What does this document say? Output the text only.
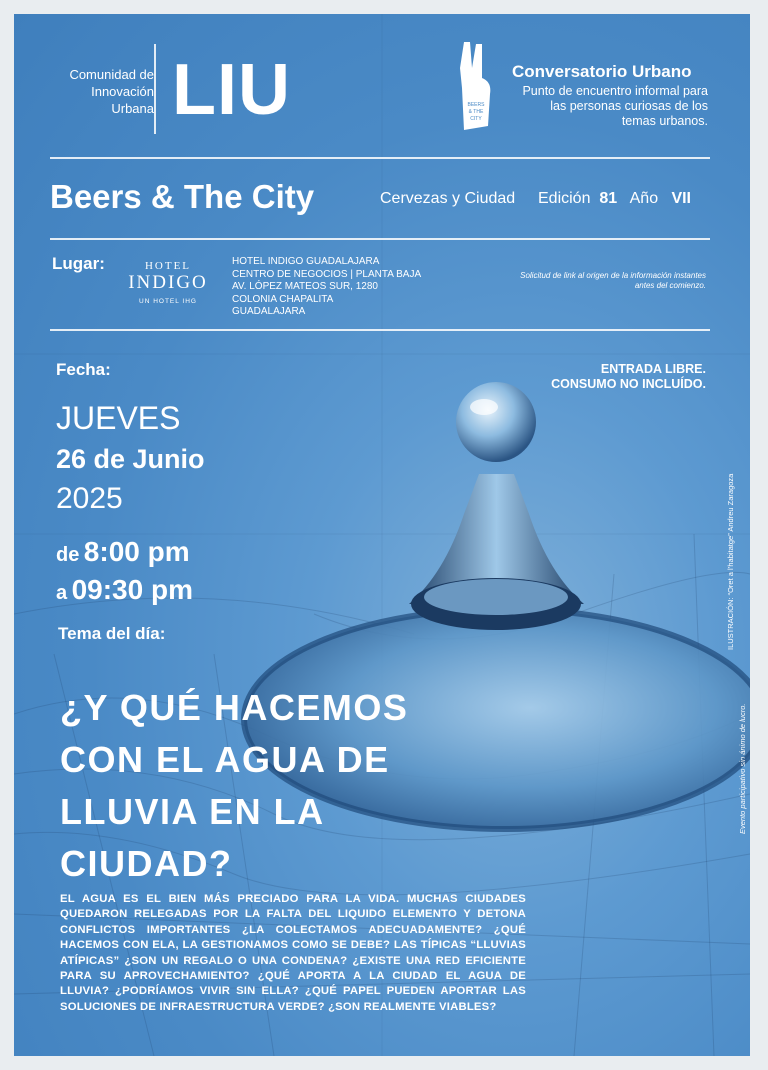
Comunidad de Innovación Urbana LIU	BEERS
& THE
CITY
Conversatorio Urbano
Punto de encuentro informal para las personas curiosas de los temas urbanos.
Beers & The City	Cervezas y Ciudad Edición 81 Año VII
Lugar:	HOTEL
INDIGO
UN HOTEL IHG
HOTEL INDIGO GUADALAJARA
CENTRO DE NEGOCIOS | PLANTA BAJA
AV. LÓPEZ MATEOS SUR, 1280
COLONIA CHAPALITA
GUADALAJARA
Solicitud de link al origen de la información instantes antes del comienzo.
Fecha:	ENTRADA LIBRE.
CONSUMO NO INCLUÍDO.
JUEVES
26 de Junio
2025
de 8:00 pm
a 09:30 pm
Tema del día:
¿Y QUÉ HACEMOS
CON EL AGUA DE
LLUVIA EN LA
CIUDAD?
EL AGUA ES EL BIEN MÁS PRECIADO PARA LA VIDA. MUCHAS CIUDADES QUEDARON RELEGADAS POR LA FALTA DEL LIQUIDO ELEMENTO Y DETONA CONFLICTOS IMPORTANTES ¿LA COLECTAMOS ADECUADAMENTE? ¿QUÉ HACEMOS CON ELA, LA GESTIONAMOS COMO SE DEBE? LAS TÍPICAS “LLUVIAS ATÍPICAS” ¿SON UN REGALO O UNA CONDENA? ¿EXISTE UNA RED EFICIENTE PARA SU APROVECHAMIENTO? ¿QUÉ APORTA A LA CIUDAD EL AGUA DE LLUVIA? ¿PODRÍAMOS VIVIR SIN ELLA? ¿QUÉ PAPEL PUEDEN APORTAR LAS SOLUCIONES DE INFRAESTRUCTURA VERDE? ¿SON REALMENTE VIABLES?
ILUSTRACIÓN: “Oret a l’habitatge” Andreu Zaragoza
Evento participativo sin ánimo de lucro.
